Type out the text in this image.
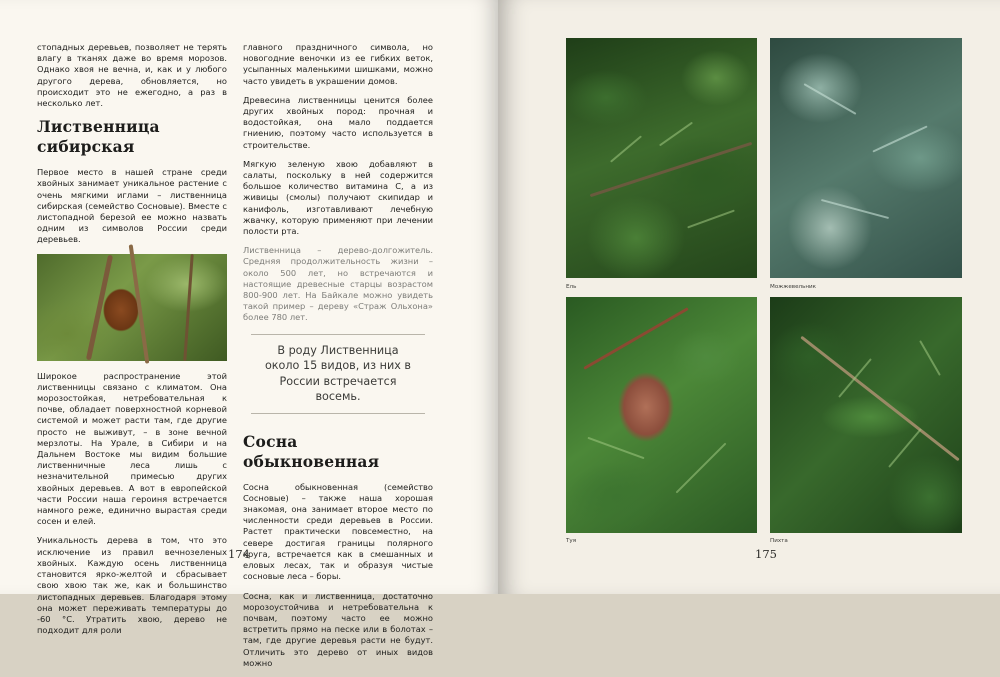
стопадных деревьев, позволяет не терять влагу в тканях даже во время морозов. Однако хвоя не вечна, и, как и у любого другого дерева, обновляется, но происходит это не ежегодно, а раз в несколько лет.

Лиственница сибирская

Первое место в нашей стране среди хвойных занимает уникальное растение с очень мягкими иглами – лиственница сибирская (семейство Сосновые). Вместе с листопадной березой ее можно назвать одним из символов России среди деревьев.

Широкое распространение этой лиственницы связано с климатом. Она морозостойкая, нетребовательная к почве, обладает поверхностной корневой системой и может расти там, где другие просто не выживут, – в зоне вечной мерзлоты. На Урале, в Сибири и на Дальнем Востоке мы видим большие лиственничные леса лишь с незначительной примесью других хвойных деревьев. А вот в европейской части России наша героиня встречается намного реже, единично вырастая среди сосен и елей.

Уникальность дерева в том, что это исключение из правил вечнозеленых хвойных. Каждую осень лиственница становится ярко-желтой и сбрасывает свою хвою так же, как и большинство листопадных деревьев. Благодаря этому она может переживать температуры до -60 °С. Утратить хвою, дерево не подходит для роли

главного праздничного символа, но новогодние веночки из ее гибких веток, усыпанных маленькими шишками, можно часто увидеть в украшении домов.

Древесина лиственницы ценится более других хвойных пород: прочная и водостойкая, она мало поддается гниению, поэтому часто используется в строительстве.

Мягкую зеленую хвою добавляют в салаты, поскольку в ней содержится большое количество витамина С, а из живицы (смолы) получают скипидар и канифоль, изготавливают лечебную жвачку, которую применяют при лечении полости рта.

Лиственница – дерево-долгожитель. Средняя продолжительность жизни – около 500 лет, но встречаются и настоящие древесные старцы возрастом 800-900 лет. На Байкале можно увидеть такой пример – дереву «Страж Ольхона» более 780 лет.

В роду Лиственница около 15 видов, из них в России встречается восемь.
Сосна обыкновенная

Сосна обыкновенная (семейство Сосновые) – также наша хорошая знакомая, она занимает второе место по численности среди деревьев в России. Растет практически повсеместно, на севере достигая границы полярного круга, встречается как в смешанных и еловых лесах, так и образуя чистые сосновые леса – боры.

Сосна, как и лиственница, достаточно морозоустойчива и нетребовательна к почвам, поэтому часто ее можно встретить прямо на песке или в болотах – там, где другие деревья расти не будут. Отличить это дерево от иных видов можно

174
Ель	Можжевельник
Туя	Пихта
175
